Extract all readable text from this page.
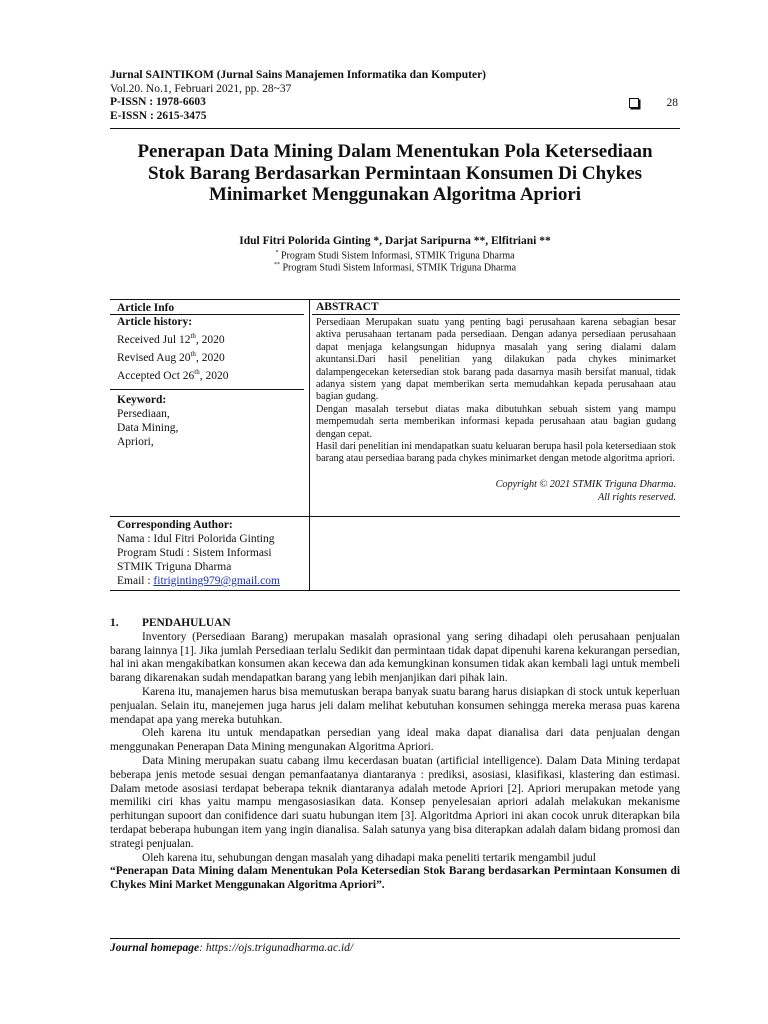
Jurnal SAINTIKOM (Jurnal Sains Manajemen Informatika dan Komputer)
Vol.20. No.1, Februari 2021, pp. 28~37
P-ISSN : 1978-6603
E-ISSN : 2615-3475
28
Penerapan Data Mining Dalam Menentukan Pola Ketersediaan
Stok Barang Berdasarkan Permintaan Konsumen Di Chykes
Minimarket Menggunakan Algoritma Apriori
Idul Fitri Polorida Ginting *, Darjat Saripurna **, Elfitriani **
* Program Studi Sistem Informasi, STMIK Triguna Dharma
** Program Studi Sistem Informasi, STMIK Triguna Dharma
Article Info
Article history:
Received Jul 12th, 2020
Revised Aug 20th, 2020
Accepted Oct 26th, 2020
Keyword:
Persediaan,
Data Mining,
Apriori,
ABSTRACT

Persediaan Merupakan suatu yang penting bagi perusahaan karena sebagian besar aktiva perusahaan tertanam pada persediaan. Dengan adanya persediaan perusahaan dapat menjaga kelangsungan hidupnya masalah yang sering dialami dalam akuntansi.Dari hasil penelitian yang dilakukan pada chykes minimarket dalampengecekan ketersedian stok barang pada dasarnya masih bersifat manual, tidak adanya sistem yang dapat memberikan serta memudahkan kepada perusahaan atau bagian gudang.

Dengan masalah tersebut diatas maka dibutuhkan sebuah sistem yang mampu mempemudah serta memberikan informasi kepada perusahaan atau bagian gudang dengan cepat.

Hasil dari penelitian ini mendapatkan suatu keluaran berupa hasil pola ketersediaan stok barang atau persediaa barang pada chykes minimarket dengan metode algoritma apriori.

Copyright © 2021 STMIK Triguna Dharma.
All rights reserved.
Corresponding Author:
Nama : Idul Fitri Polorida Ginting
Program Studi : Sistem Informasi
STMIK Triguna Dharma
Email : fitriginting979@gmail.com

1. PENDAHULUAN

Inventory (Persediaan Barang) merupakan masalah oprasional yang sering dihadapi oleh perusahaan penjualan barang lainnya [1]. Jika jumlah Persediaan terlalu Sedikit dan permintaan tidak dapat dipenuhi karena kekurangan persedian, hal ini akan mengakibatkan konsumen akan kecewa dan ada kemungkinan konsumen tidak akan kembali lagi untuk membeli barang dikarenakan sudah mendapatkan barang yang lebih menjanjikan dari pihak lain.

Karena itu, manajemen harus bisa memutuskan berapa banyak suatu barang harus disiapkan di stock untuk keperluan penjualan. Selain itu, manejemen juga harus jeli dalam melihat kebutuhan konsumen sehingga mereka merasa puas karena mendapat apa yang mereka butuhkan.

Oleh karena itu untuk mendapatkan persedian yang ideal maka dapat dianalisa dari data penjualan dengan menggunakan Penerapan Data Mining mengunakan Algoritma Apriori.

Data Mining merupakan suatu cabang ilmu kecerdasan buatan (artificial intelligence). Dalam Data Mining terdapat beberapa jenis metode sesuai dengan pemanfaatanya diantaranya : prediksi, asosiasi, klasifikasi, klastering dan estimasi. Dalam metode asosiasi terdapat beberapa teknik diantaranya adalah metode Apriori [2]. Apriori merupakan metode yang memiliki ciri khas yaitu mampu mengasosiasikan data. Konsep penyelesaian apriori adalah melakukan mekanisme perhitungan supoort dan conifidence dari suatu hubungan item [3]. Algoritdma Apriori ini akan cocok unruk diterapkan bila terdapat beberapa hubungan item yang ingin dianalisa. Salah satunya yang bisa diterapkan adalah dalam bidang promosi dan strategi penjualan.

Oleh karena itu, sehubungan dengan masalah yang dihadapi maka peneliti tertarik mengambil judul

“Penerapan Data Mining dalam Menentukan Pola Ketersedian Stok Barang berdasarkan Permintaan Konsumen di Chykes Mini Market Menggunakan Algoritma Apriori”.

Journal homepage: https://ojs.trigunadharma.ac.id/
